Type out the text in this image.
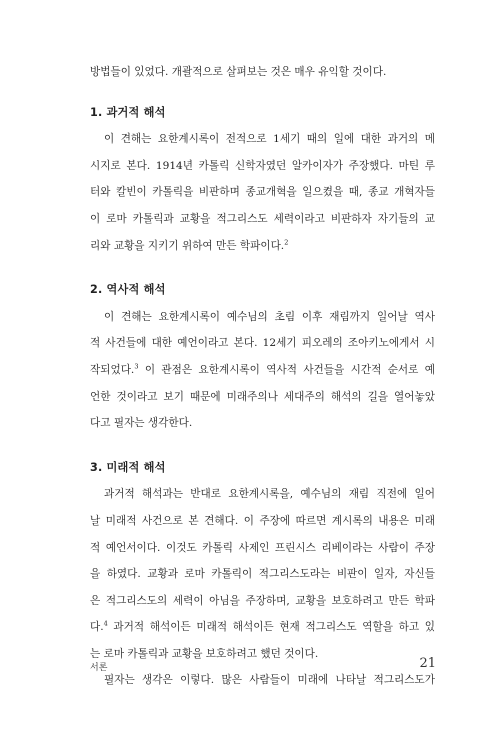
방법들이 있었다. 개괄적으로 살펴보는 것은 매우 유익할 것이다.
1. 과거적 해석
이 견해는 요한계시록이 전적으로 1세기 때의 일에 대한 과거의 메
시지로 본다. 1914년 카톨릭 신학자였던 알카이자가 주장했다. 마틴 루
터와 칼빈이 카톨릭을 비판하며 종교개혁을 일으켰을 때, 종교 개혁자들
이 로마 카톨릭과 교황을 적그리스도 세력이라고 비판하자 자기들의 교
리와 교황을 지키기 위하여 만든 학파이다.$^2$
2. 역사적 해석
이 견해는 요한계시록이 예수님의 초림 이후 재림까지 일어날 역사
적 사건들에 대한 예언이라고 본다. 12세기 피오레의 조아키노에게서 시
작되었다.$^3$ 이 관점은 요한계시록이 역사적 사건들을 시간적 순서로 예
언한 것이라고 보기 때문에 미래주의나 세대주의 해석의 길을 열어놓았
다고 필자는 생각한다.
3. 미래적 해석
과거적 해석과는 반대로 요한계시록을, 예수님의 재림 직전에 일어
날 미래적 사건으로 본 견해다. 이 주장에 따르면 계시록의 내용은 미래
적 예언서이다. 이것도 카톨릭 사제인 프린시스 리베이라는 사람이 주장
을 하였다. 교황과 로마 카톨릭이 적그리스도라는 비판이 일자, 자신들
은 적그리스도의 세력이 아님을 주장하며, 교황을 보호하려고 만든 학파
다.$^4$ 과거적 해석이든 미래적 해석이든 현재 적그리스도 역할을 하고 있
는 로마 카톨릭과 교황을 보호하려고 했던 것이다.
필자는 생각은 이렇다. 많은 사람들이 미래에 나타날 적그리스도가
서론	21
